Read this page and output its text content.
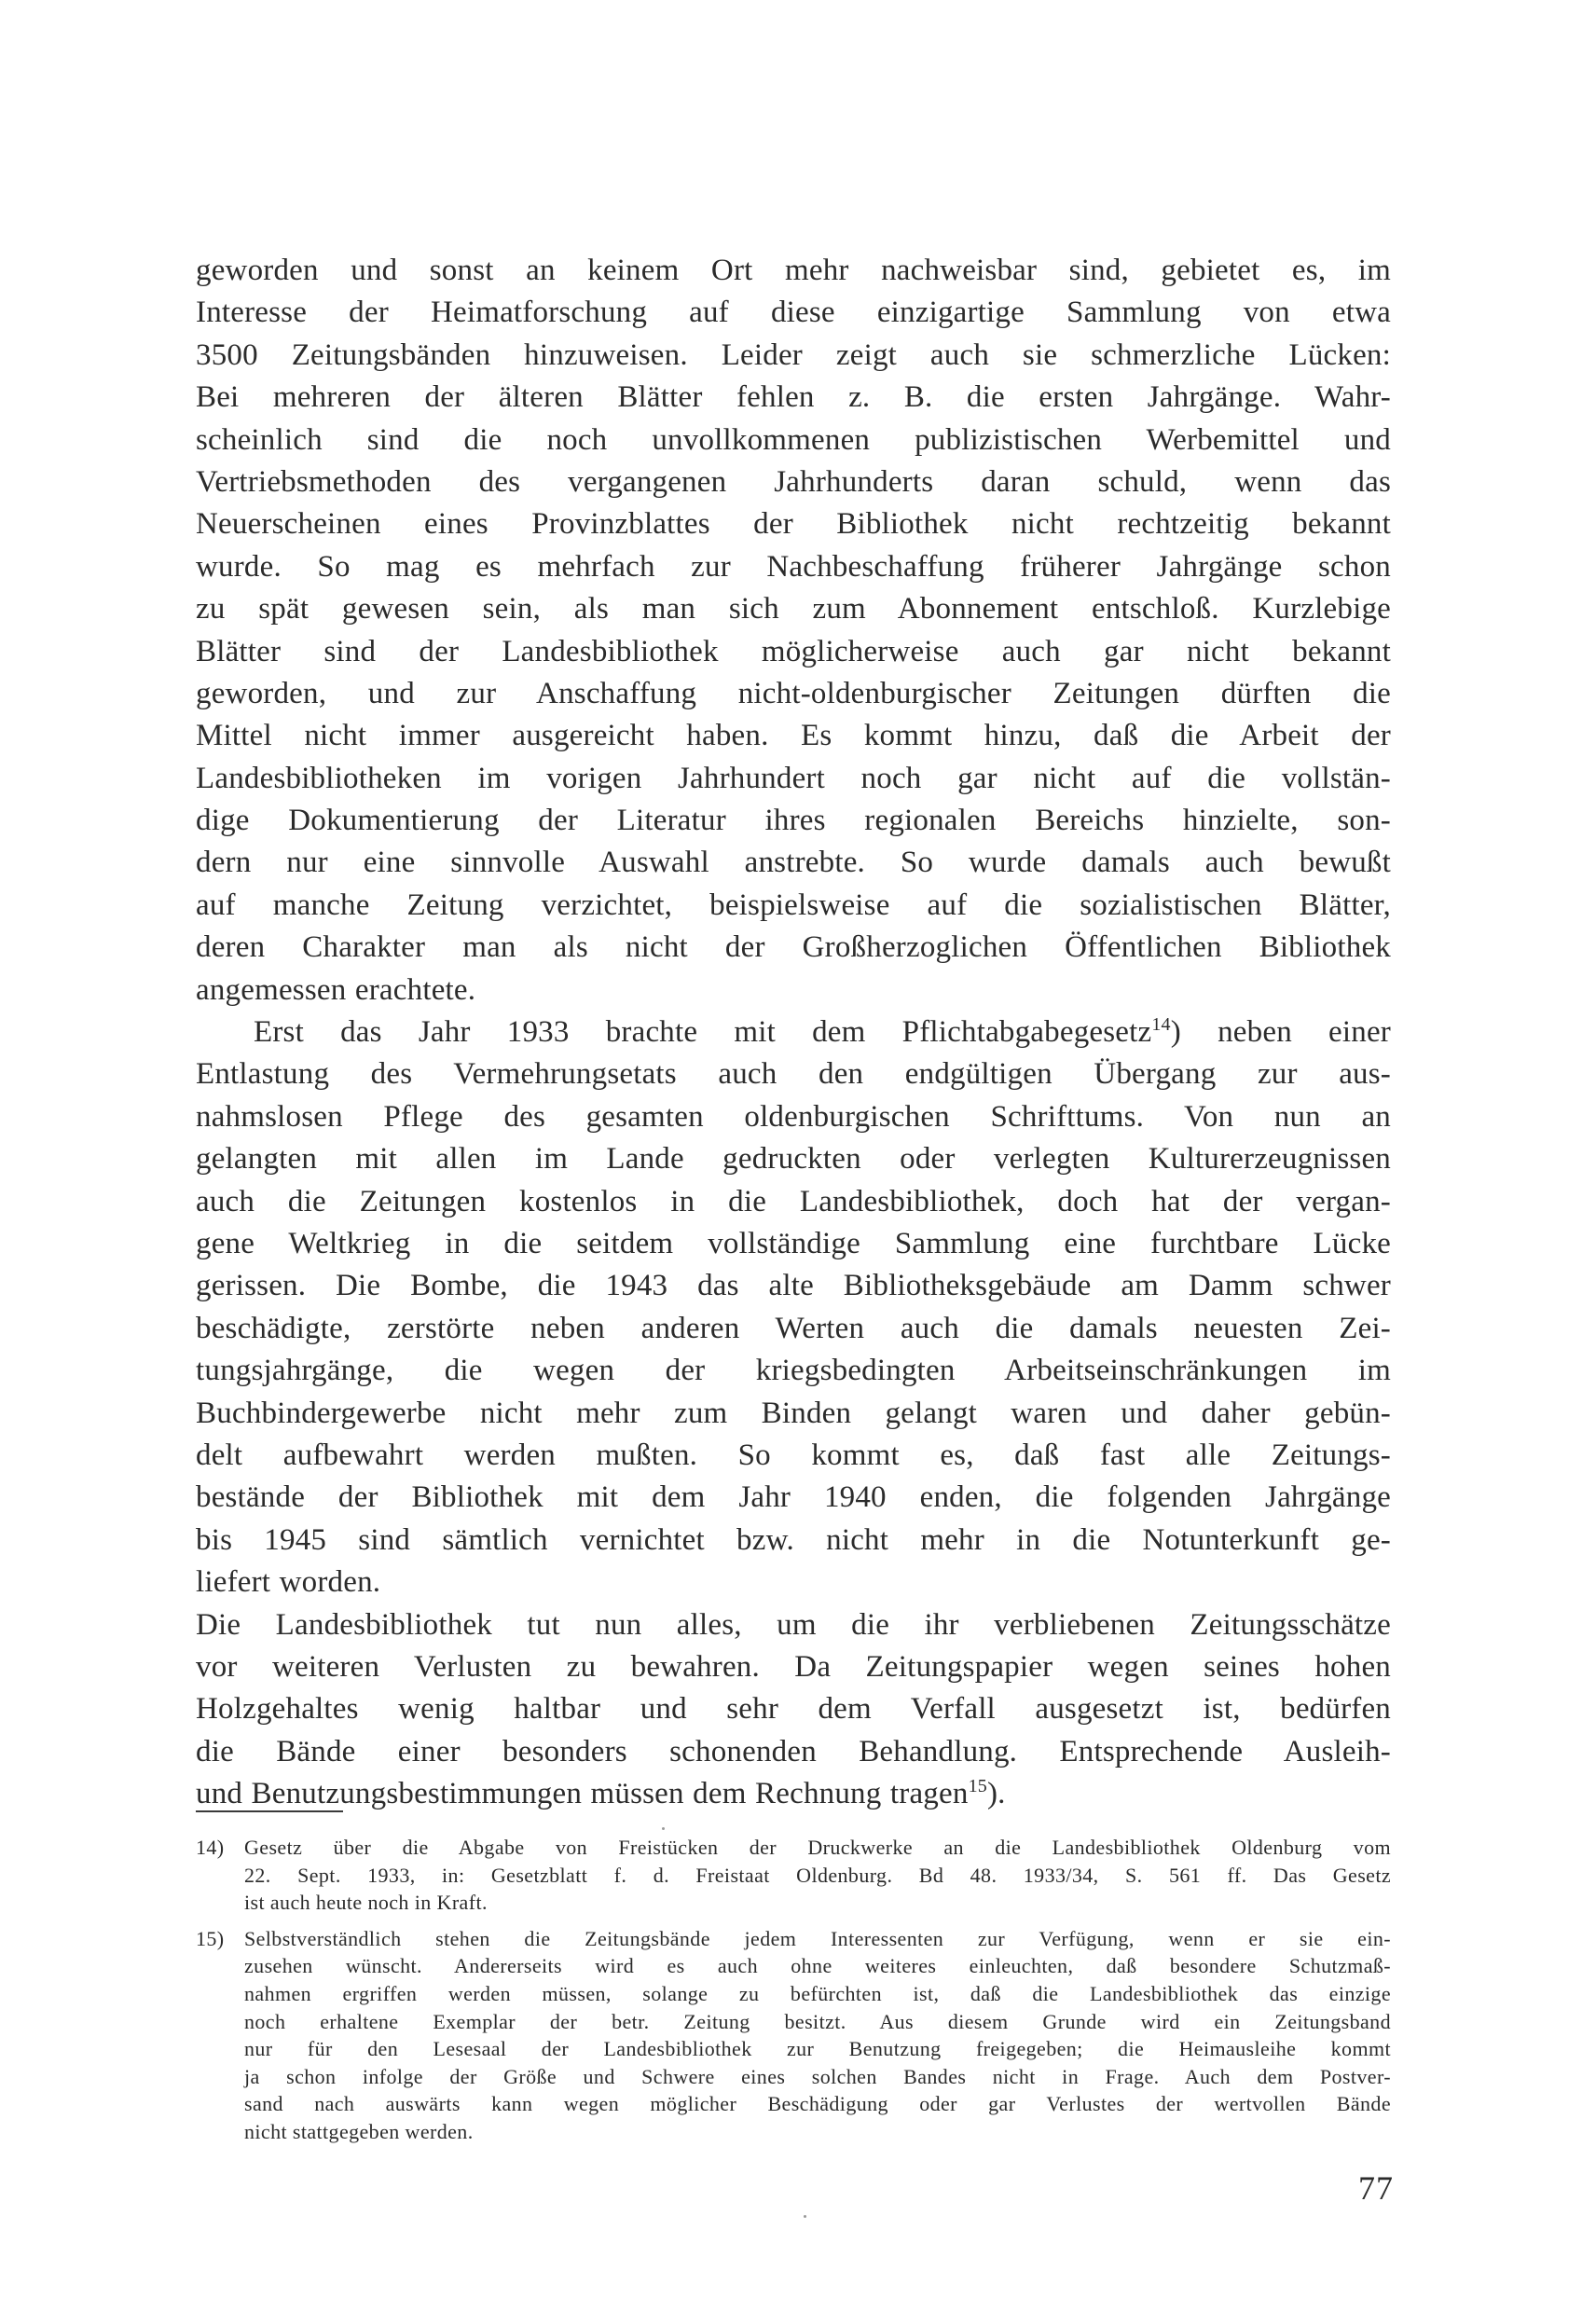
geworden und sonst an keinem Ort mehr nachweisbar sind, gebietet es, im
Interesse der Heimatforschung auf diese einzigartige Sammlung von etwa
3500 Zeitungsbänden hinzuweisen. Leider zeigt auch sie schmerzliche Lücken:
Bei mehreren der älteren Blätter fehlen z. B. die ersten Jahrgänge. Wahr-
scheinlich sind die noch unvollkommenen publizistischen Werbemittel und
Vertriebsmethoden des vergangenen Jahrhunderts daran schuld, wenn das
Neuerscheinen eines Provinzblattes der Bibliothek nicht rechtzeitig bekannt
wurde. So mag es mehrfach zur Nachbeschaffung früherer Jahrgänge schon
zu spät gewesen sein, als man sich zum Abonnement entschloß. Kurzlebige
Blätter sind der Landesbibliothek möglicherweise auch gar nicht bekannt
geworden, und zur Anschaffung nicht-oldenburgischer Zeitungen dürften die
Mittel nicht immer ausgereicht haben. Es kommt hinzu, daß die Arbeit der
Landesbibliotheken im vorigen Jahrhundert noch gar nicht auf die vollstän-
dige Dokumentierung der Literatur ihres regionalen Bereichs hinzielte, son-
dern nur eine sinnvolle Auswahl anstrebte. So wurde damals auch bewußt
auf manche Zeitung verzichtet, beispielsweise auf die sozialistischen Blätter,
deren Charakter man als nicht der Großherzoglichen Öffentlichen Bibliothek
angemessen erachtete.
Erst das Jahr 1933 brachte mit dem Pflichtabgabegesetz$^{14}$) neben einer
Entlastung des Vermehrungsetats auch den endgültigen Übergang zur aus-
nahmslosen Pflege des gesamten oldenburgischen Schrifttums. Von nun an
gelangten mit allen im Lande gedruckten oder verlegten Kulturerzeugnissen
auch die Zeitungen kostenlos in die Landesbibliothek, doch hat der vergan-
gene Weltkrieg in die seitdem vollständige Sammlung eine furchtbare Lücke
gerissen. Die Bombe, die 1943 das alte Bibliotheksgebäude am Damm schwer
beschädigte, zerstörte neben anderen Werten auch die damals neuesten Zei-
tungsjahrgänge, die wegen der kriegsbedingten Arbeitseinschränkungen im
Buchbindergewerbe nicht mehr zum Binden gelangt waren und daher gebün-
delt aufbewahrt werden mußten. So kommt es, daß fast alle Zeitungs-
bestände der Bibliothek mit dem Jahr 1940 enden, die folgenden Jahrgänge
bis 1945 sind sämtlich vernichtet bzw. nicht mehr in die Notunterkunft ge-
liefert worden.
Die Landesbibliothek tut nun alles, um die ihr verbliebenen Zeitungsschätze
vor weiteren Verlusten zu bewahren. Da Zeitungspapier wegen seines hohen
Holzgehaltes wenig haltbar und sehr dem Verfall ausgesetzt ist, bedürfen
die Bände einer besonders schonenden Behandlung. Entsprechende Ausleih-
und Benutzungsbestimmungen müssen dem Rechnung tragen$^{15}$).
14) Gesetz über die Abgabe von Freistücken der Druckwerke an die Landesbibliothek Oldenburg vom
22. Sept. 1933, in: Gesetzblatt f. d. Freistaat Oldenburg. Bd 48. 1933/34, S. 561 ff. Das Gesetz
ist auch heute noch in Kraft.
15) Selbstverständlich stehen die Zeitungsbände jedem Interessenten zur Verfügung, wenn er sie ein-
zusehen wünscht. Andererseits wird es auch ohne weiteres einleuchten, daß besondere Schutzmaß-
nahmen ergriffen werden müssen, solange zu befürchten ist, daß die Landesbibliothek das einzige
noch erhaltene Exemplar der betr. Zeitung besitzt. Aus diesem Grunde wird ein Zeitungsband
nur für den Lesesaal der Landesbibliothek zur Benutzung freigegeben; die Heimausleihe kommt
ja schon infolge der Größe und Schwere eines solchen Bandes nicht in Frage. Auch dem Postver-
sand nach auswärts kann wegen möglicher Beschädigung oder gar Verlustes der wertvollen Bände
nicht stattgegeben werden.
77
